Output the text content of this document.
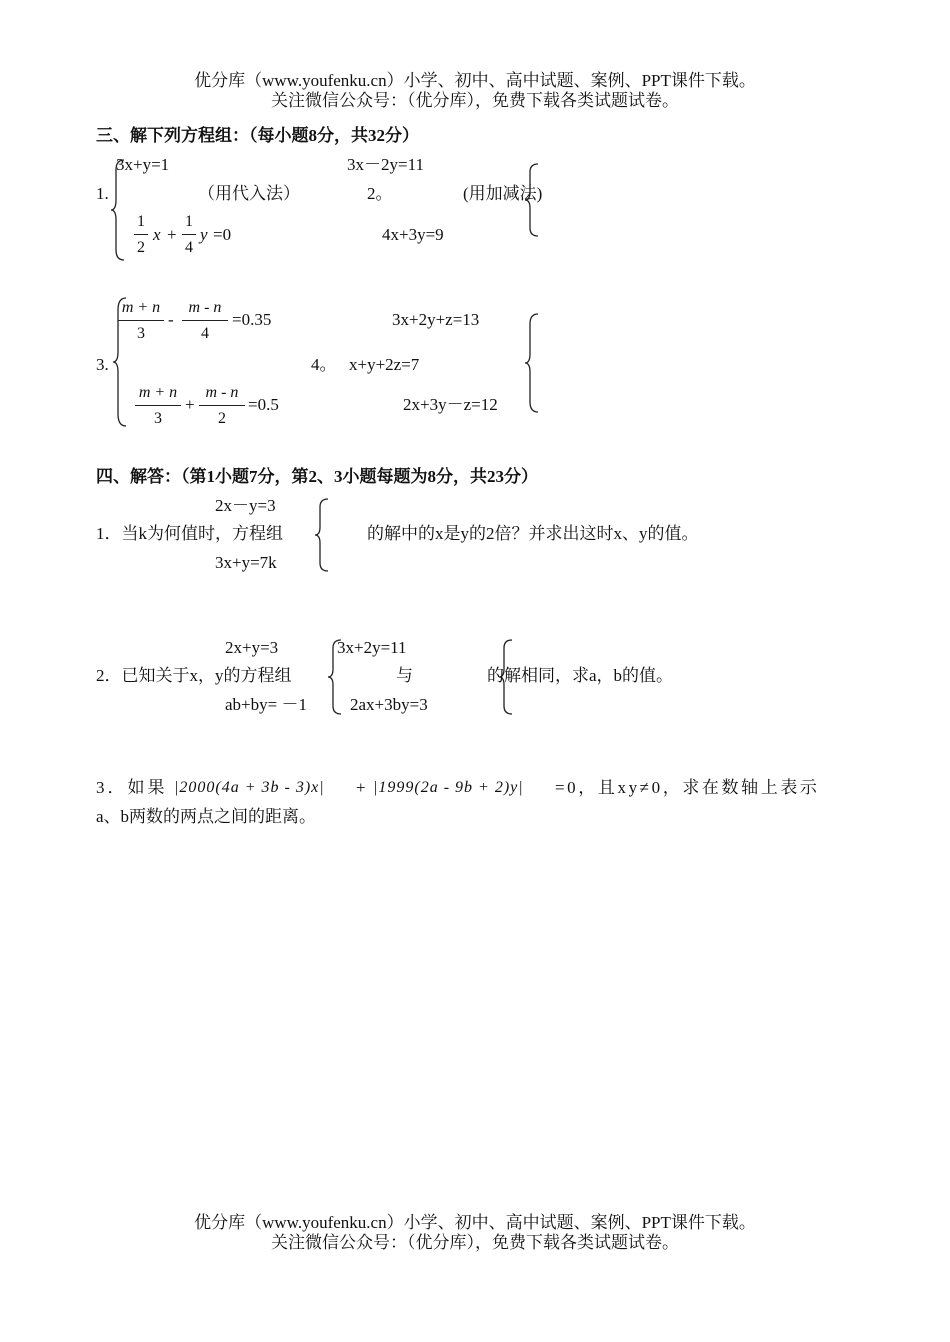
优分库（www.youfenku.cn）小学、初中、高中试题、案例、PPT课件下载。
关注微信公众号：（优分库），免费下载各类试题试卷。
三、解下列方程组：（每小题8分，共32分）
3x+y=1
1.
1
2
x +
1
4
y =0
（用代入法）
3x－2y=11
2。
4x+3y=9
(用加减法)
3.
m + n
3
-
m - n
4
=0.35
m + n
3
+
m - n
2
=0.5
3x+2y+z=13
4。 x+y+2z=7
2x+3y－z=12
四、解答：（第1小题7分，第2、3小题每题为8分，共23分）
2x－y=3
1．当k为何值时，方程组	的解中的x是y的2倍？并求出这时x、y的值。
3x+y=7k
2x+y=3	3x+2y=11
2．已知关于x，y的方程组	与	的解相同，求a，b的值。
ab+by= －1	2ax+3by=3
3．如果 |2000(4a + 3b - 3)x| + |1999(2a - 9b + 2)y| =0，且xy≠0，求在数轴上表示
a、b两数的两点之间的距离。
优分库（www.youfenku.cn）小学、初中、高中试题、案例、PPT课件下载。
关注微信公众号：（优分库），免费下载各类试题试卷。
